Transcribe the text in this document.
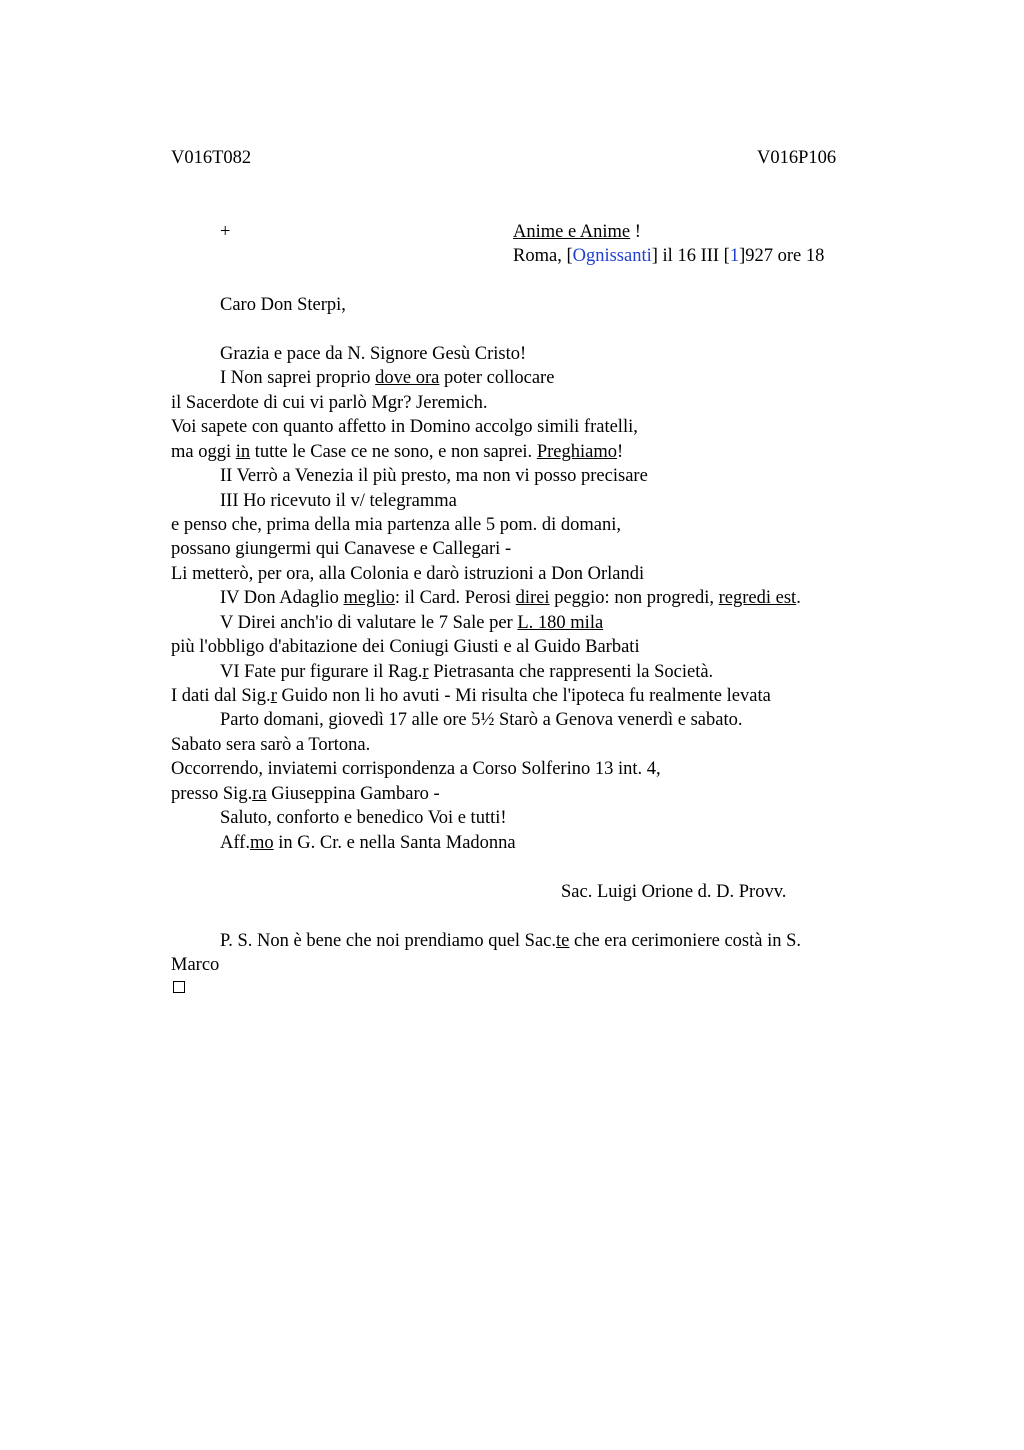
V016T082	V016P106
+	Anime e Anime !
Roma, [Ognissanti] il 16 III [1]927 ore 18
Caro Don Sterpi,
Grazia e pace da N. Signore Gesù Cristo!
I Non saprei proprio dove ora poter collocare
il Sacerdote di cui vi parlò Mgr? Jeremich.
Voi sapete con quanto affetto in Domino accolgo simili fratelli,
ma oggi in tutte le Case ce ne sono, e non saprei. Preghiamo!
II Verrò a Venezia il più presto, ma non vi posso precisare
III Ho ricevuto il v/ telegramma
e penso che, prima della mia partenza alle 5 pom. di domani,
possano giungermi qui Canavese e Callegari -
Li metterò, per ora, alla Colonia e darò istruzioni a Don Orlandi
IV Don Adaglio meglio: il Card. Perosi direi peggio: non progredi, regredi est.
V Direi anch'io di valutare le 7 Sale per L. 180 mila
più l'obbligo d'abitazione dei Coniugi Giusti e al Guido Barbati
VI Fate pur figurare il Rag.r Pietrasanta che rappresenti la Società.
I dati dal Sig.r Guido non li ho avuti - Mi risulta che l'ipoteca fu realmente levata
Parto domani, giovedì 17 alle ore 5½ Starò a Genova venerdì e sabato.
Sabato sera sarò a Tortona.
Occorrendo, inviatemi corrispondenza a Corso Solferino 13 int. 4,
presso Sig.ra Giuseppina Gambaro -
Saluto, conforto e benedico Voi e tutti!
Aff.mo in G. Cr. e nella Santa Madonna
Sac. Luigi Orione d. D. Provv.
P. S. Non è bene che noi prendiamo quel Sac.te che era cerimoniere costà in S.
Marco
